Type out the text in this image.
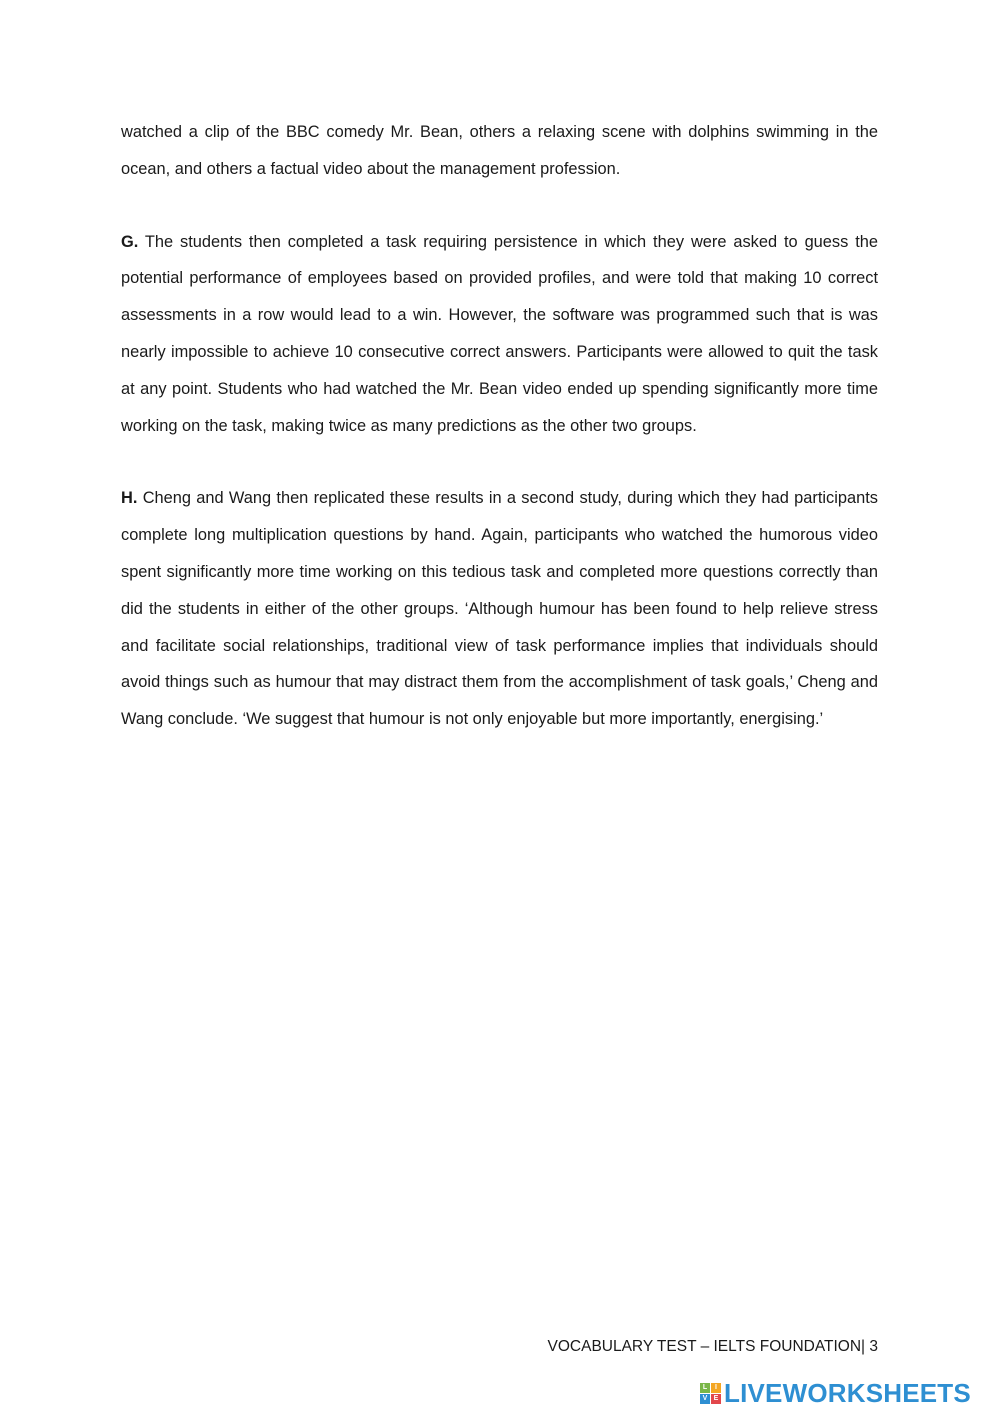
watched a clip of the BBC comedy Mr. Bean, others a relaxing scene with dolphins swimming in the ocean, and others a factual video about the management profession.

G. The students then completed a task requiring persistence in which they were asked to guess the potential performance of employees based on provided profiles, and were told that making 10 correct assessments in a row would lead to a win. However, the software was programmed such that is was nearly impossible to achieve 10 consecutive correct answers. Participants were allowed to quit the task at any point. Students who had watched the Mr. Bean video ended up spending significantly more time working on the task, making twice as many predictions as the other two groups.

H. Cheng and Wang then replicated these results in a second study, during which they had participants complete long multiplication questions by hand. Again, participants who watched the humorous video spent significantly more time working on this tedious task and completed more questions correctly than did the students in either of the other groups. ‘Although humour has been found to help relieve stress and facilitate social relationships, traditional view of task performance implies that individuals should avoid things such as humour that may distract them from the accomplishment of task goals,’ Cheng and Wang conclude. ‘We suggest that humour is not only enjoyable but more importantly, energising.’

VOCABULARY TEST – IELTS FOUNDATION| 3
L	I
V E LIVEWORKSHEETS
